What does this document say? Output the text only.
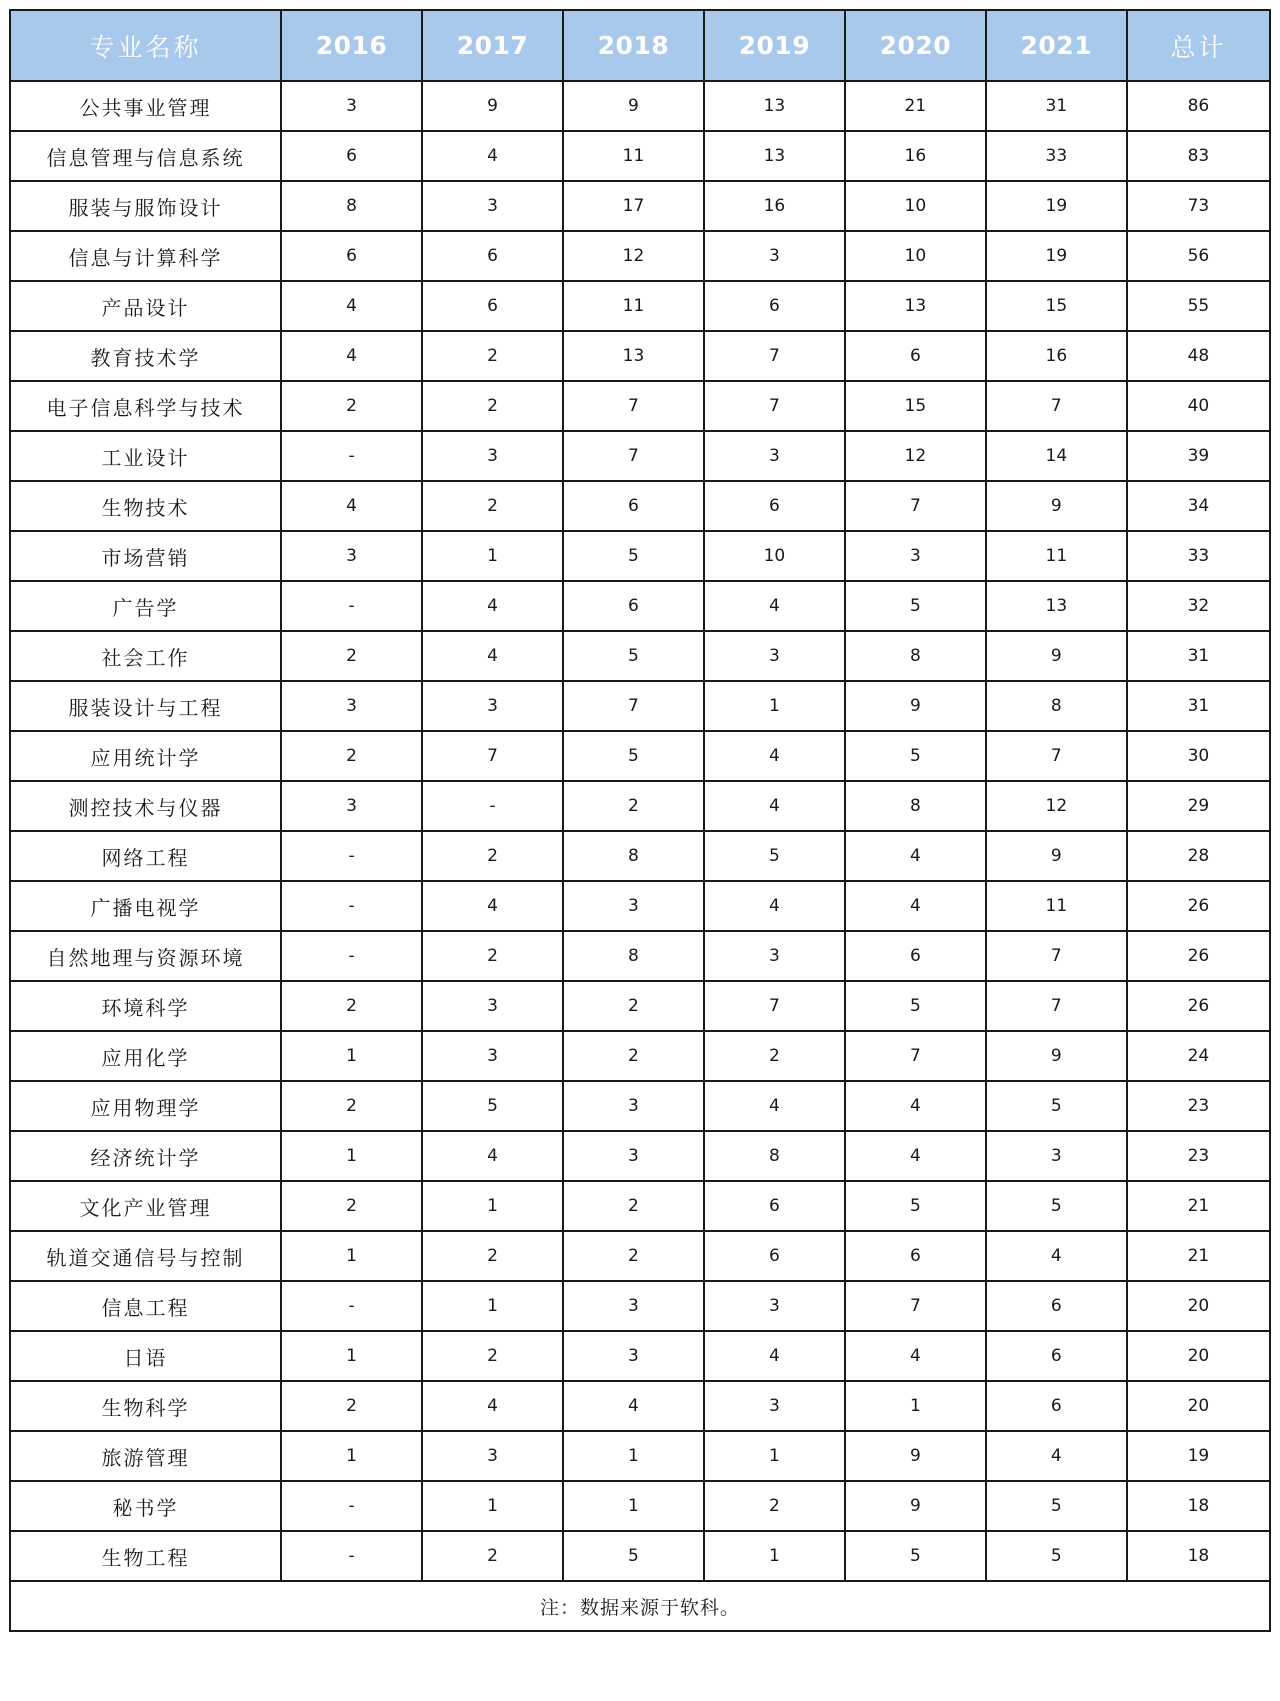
专业名称	2016	2017	2018	2019	2020	2021	总计
公共事业管理	3	9	9	13	21	31	86
信息管理与信息系统	6	4	11	13	16	33	83
服装与服饰设计	8	3	17	16	10	19	73
信息与计算科学	6	6	12	3	10	19	56
产品设计	4	6	11	6	13	15	55
教育技术学	4	2	13	7	6	16	48
电子信息科学与技术	2	2	7	7	15	7	40
工业设计	-	3	7	3	12	14	39
生物技术	4	2	6	6	7	9	34
市场营销	3	1	5	10	3	11	33
广告学	-	4	6	4	5	13	32
社会工作	2	4	5	3	8	9	31
服装设计与工程	3	3	7	1	9	8	31
应用统计学	2	7	5	4	5	7	30
测控技术与仪器	3	-	2	4	8	12	29
网络工程	-	2	8	5	4	9	28
广播电视学	-	4	3	4	4	11	26
自然地理与资源环境	-	2	8	3	6	7	26
环境科学	2	3	2	7	5	7	26
应用化学	1	3	2	2	7	9	24
应用物理学	2	5	3	4	4	5	23
经济统计学	1	4	3	8	4	3	23
文化产业管理	2	1	2	6	5	5	21
轨道交通信号与控制	1	2	2	6	6	4	21
信息工程	-	1	3	3	7	6	20
日语	1	2	3	4	4	6	20
生物科学	2	4	4	3	1	6	20
旅游管理	1	3	1	1	9	4	19
秘书学	-	1	1	2	9	5	18
生物工程	-	2	5	1	5	5	18
注：数据来源于软科。							
